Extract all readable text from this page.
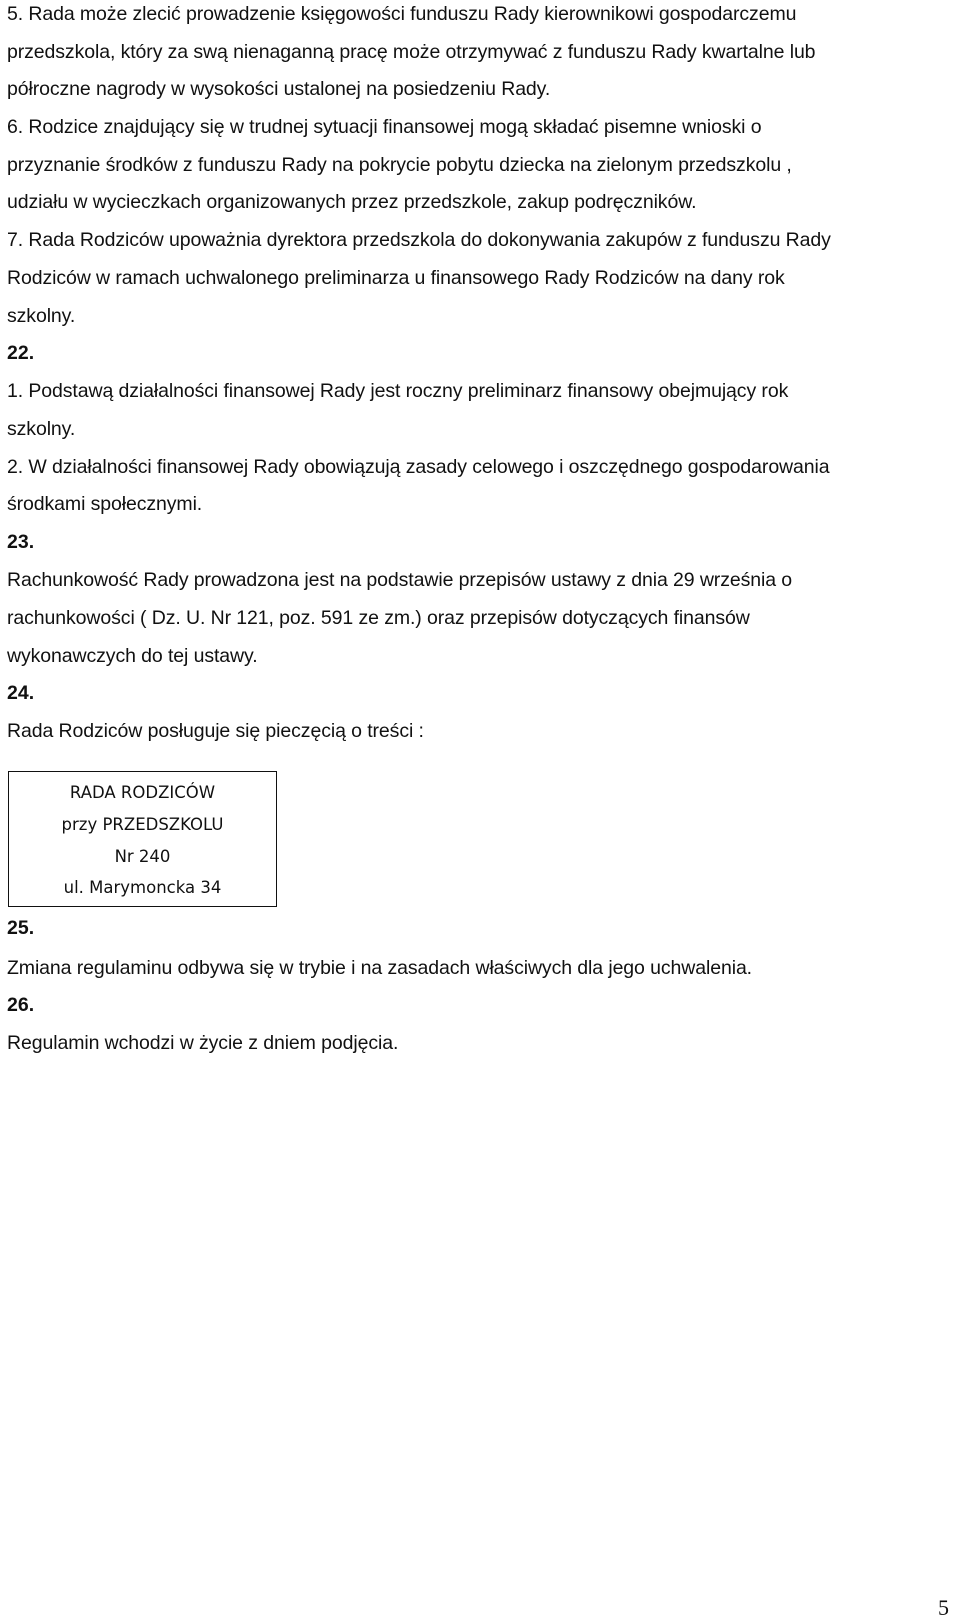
5. Rada może zlecić prowadzenie księgowości funduszu Rady kierownikowi gospodarczemu
przedszkola, który za swą nienaganną pracę może otrzymywać z funduszu Rady kwartalne lub
półroczne nagrody w wysokości ustalonej na posiedzeniu Rady.
6. Rodzice znajdujący się w trudnej sytuacji finansowej mogą składać pisemne wnioski o
przyznanie środków z funduszu Rady na pokrycie pobytu dziecka na zielonym przedszkolu ,
udziału w wycieczkach organizowanych przez przedszkole, zakup podręczników.
7. Rada Rodziców upoważnia dyrektora przedszkola do dokonywania zakupów z funduszu Rady
Rodziców w ramach uchwalonego preliminarza u finansowego Rady Rodziców na dany rok
szkolny.
22.
1. Podstawą działalności finansowej Rady jest roczny preliminarz finansowy obejmujący rok
szkolny.
2. W działalności finansowej Rady obowiązują zasady celowego i oszczędnego gospodarowania
środkami społecznymi.
23.
Rachunkowość Rady prowadzona jest na podstawie przepisów ustawy z dnia 29 września o
rachunkowości ( Dz. U. Nr 121, poz. 591 ze zm.) oraz przepisów dotyczących finansów
wykonawczych do tej ustawy.
24.
Rada Rodziców posługuje się pieczęcią o treści :
RADA RODZICÓW
przy PRZEDSZKOLU
Nr 240
ul. Marymoncka 34
25.
Zmiana regulaminu odbywa się w trybie i na zasadach właściwych dla jego uchwalenia.
26.
Regulamin wchodzi w życie z dniem podjęcia.
5
